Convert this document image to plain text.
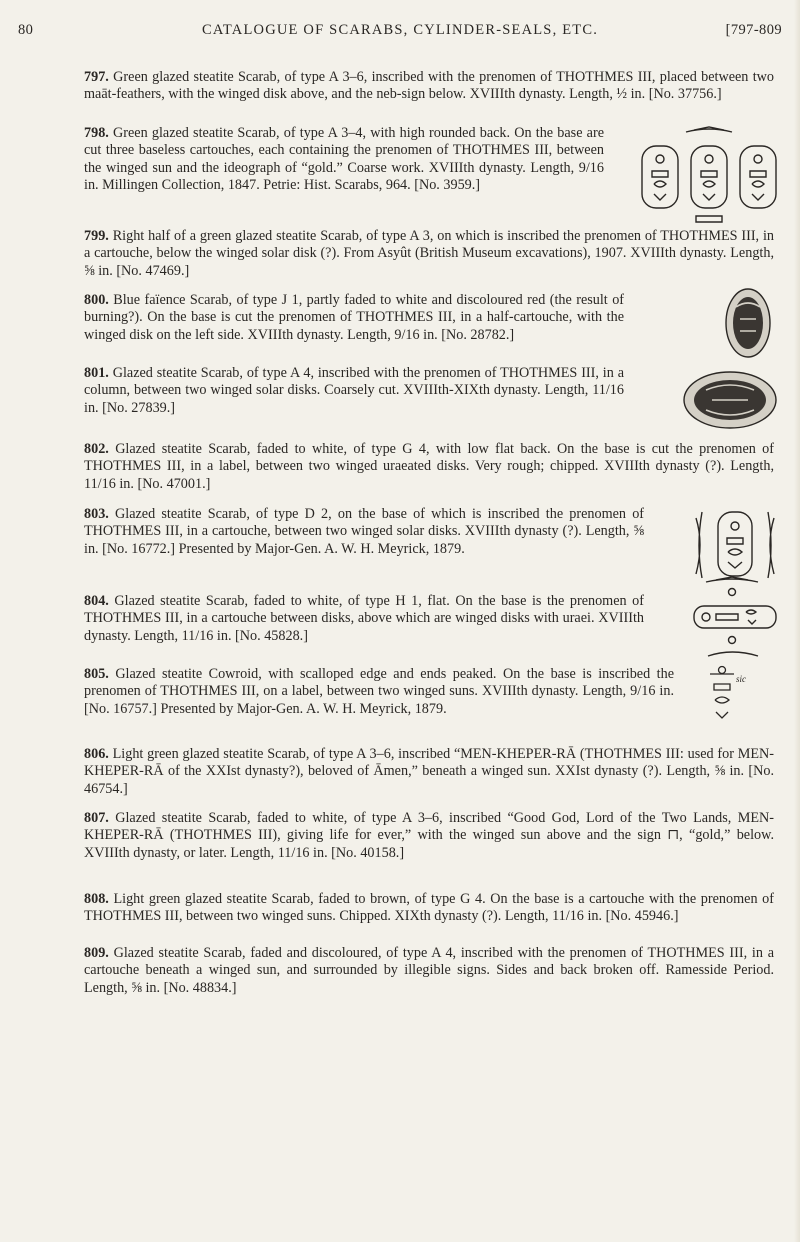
80	CATALOGUE OF SCARABS, CYLINDER-SEALS, ETC.	[797-809
797. Green glazed steatite Scarab, of type A 3–6, inscribed with the prenomen of THOTHMES III, placed between two maāt-feathers, with the winged disk above, and the neb-sign below. XVIIIth dynasty. Length, ½ in. [No. 37756.]
798. Green glazed steatite Scarab, of type A 3–4, with high rounded back. On the base are cut three baseless cartouches, each containing the prenomen of THOTHMES III, between the winged sun and the ideograph of “gold.” Coarse work. XVIIIth dynasty. Length, 9/16 in. Millingen Collection, 1847. Petrie: Hist. Scarabs, 964. [No. 3959.]
799. Right half of a green glazed steatite Scarab, of type A 3, on which is inscribed the prenomen of THOTHMES III, in a cartouche, below the winged solar disk (?). From Asyût (British Museum excavations), 1907. XVIIIth dynasty. Length, ⅝ in. [No. 47469.]
800. Blue faïence Scarab, of type J 1, partly faded to white and discoloured red (the result of burning?). On the base is cut the prenomen of THOTHMES III, in a half-cartouche, with the winged disk on the left side. XVIIIth dynasty. Length, 9/16 in. [No. 28782.]
801. Glazed steatite Scarab, of type A 4, inscribed with the prenomen of THOTHMES III, in a column, between two winged solar disks. Coarsely cut. XVIIIth-XIXth dynasty. Length, 11/16 in. [No. 27839.]
802. Glazed steatite Scarab, faded to white, of type G 4, with low flat back. On the base is cut the prenomen of THOTHMES III, in a label, between two winged uraeated disks. Very rough; chipped. XVIIIth dynasty (?). Length, 11/16 in. [No. 47001.]
803. Glazed steatite Scarab, of type D 2, on the base of which is inscribed the prenomen of THOTHMES III, in a cartouche, between two winged solar disks. XVIIIth dynasty (?). Length, ⅝ in. [No. 16772.] Presented by Major-Gen. A. W. H. Meyrick, 1879.
804. Glazed steatite Scarab, faded to white, of type H 1, flat. On the base is the prenomen of THOTHMES III, in a cartouche between disks, above which are winged disks with uraei. XVIIIth dynasty. Length, 11/16 in. [No. 45828.]
805. Glazed steatite Cowroid, with scalloped edge and ends peaked. On the base is inscribed the prenomen of THOTHMES III, on a label, between two winged suns. XVIIIth dynasty. Length, 9/16 in. [No. 16757.] Presented by Major-Gen. A. W. H. Meyrick, 1879.
sic
806. Light green glazed steatite Scarab, of type A 3–6, inscribed “MEN-KHEPER-RĀ (THOTHMES III: used for MEN-KHEPER-RĀ of the XXIst dynasty?), beloved of Āmen,” beneath a winged sun. XXIst dynasty (?). Length, ⅝ in. [No. 46754.]
807. Glazed steatite Scarab, faded to white, of type A 3–6, inscribed “Good God, Lord of the Two Lands, MEN-KHEPER-RĀ (THOTHMES III), giving life for ever,” with the winged sun above and the sign ⊓, “gold,” below. XVIIIth dynasty, or later. Length, 11/16 in. [No. 40158.]
808. Light green glazed steatite Scarab, faded to brown, of type G 4. On the base is a cartouche with the prenomen of THOTHMES III, between two winged suns. Chipped. XIXth dynasty (?). Length, 11/16 in. [No. 45946.]
809. Glazed steatite Scarab, faded and discoloured, of type A 4, inscribed with the prenomen of THOTHMES III, in a cartouche beneath a winged sun, and surrounded by illegible signs. Sides and back broken off. Ramesside Period. Length, ⅝ in. [No. 48834.]
